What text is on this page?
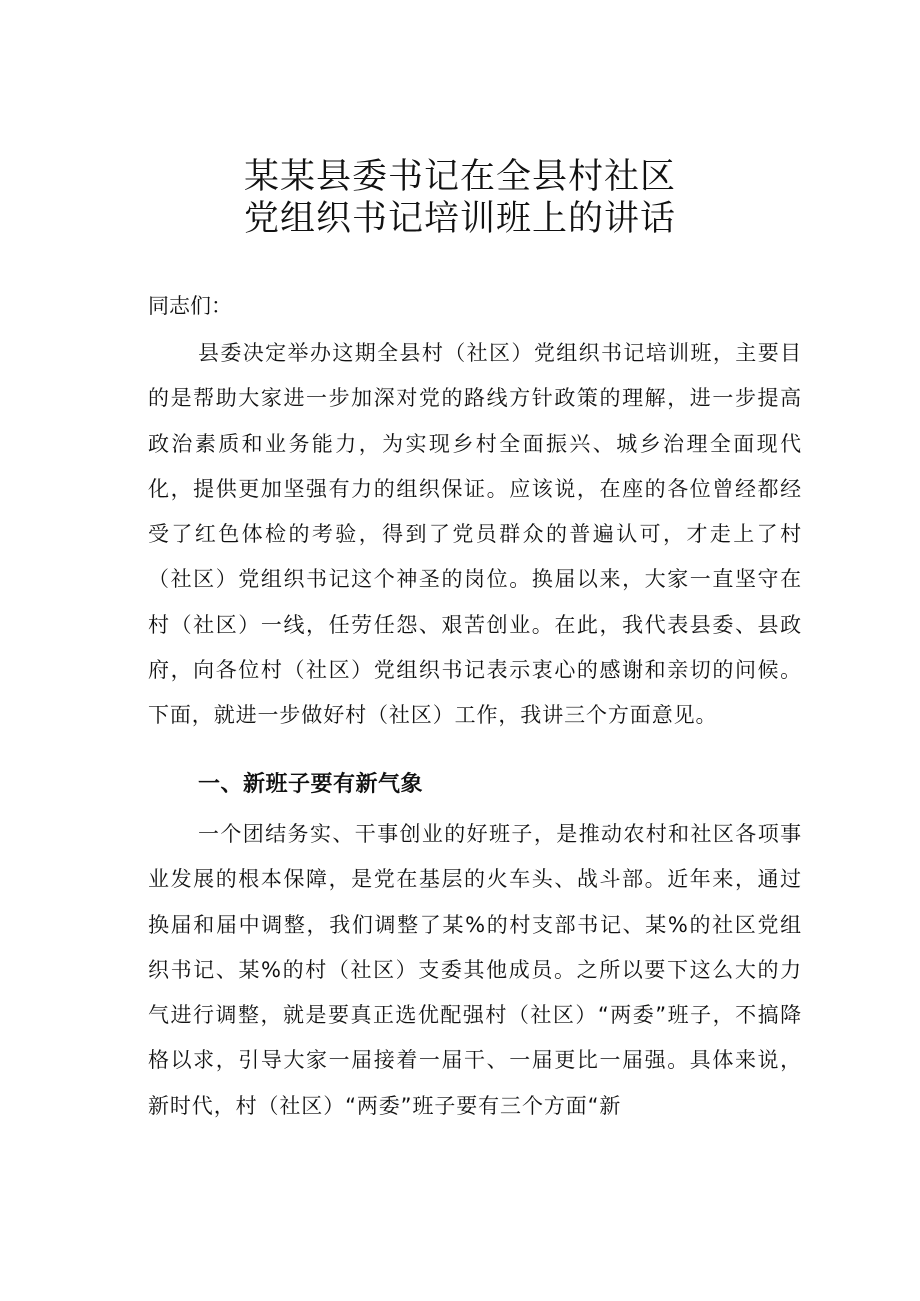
某某县委书记在全县村社区
党组织书记培训班上的讲话
同志们：
县委决定举办这期全县村（社区）党组织书记培训班，主要目的是帮助大家进一步加深对党的路线方针政策的理解，进一步提高政治素质和业务能力，为实现乡村全面振兴、城乡治理全面现代化，提供更加坚强有力的组织保证。应该说，在座的各位曾经都经受了红色体检的考验，得到了党员群众的普遍认可，才走上了村（社区）党组织书记这个神圣的岗位。换届以来，大家一直坚守在村（社区）一线，任劳任怨、艰苦创业。在此，我代表县委、县政府，向各位村（社区）党组织书记表示衷心的感谢和亲切的问候。下面，就进一步做好村（社区）工作，我讲三个方面意见。
一、新班子要有新气象
一个团结务实、干事创业的好班子，是推动农村和社区各项事业发展的根本保障，是党在基层的火车头、战斗部。近年来，通过换届和届中调整，我们调整了某%的村支部书记、某%的社区党组织书记、某%的村（社区）支委其他成员。之所以要下这么大的力气进行调整，就是要真正选优配强村（社区）“两委”班子，不搞降格以求，引导大家一届接着一届干、一届更比一届强。具体来说，新时代，村（社区）“两委”班子要有三个方面“新
